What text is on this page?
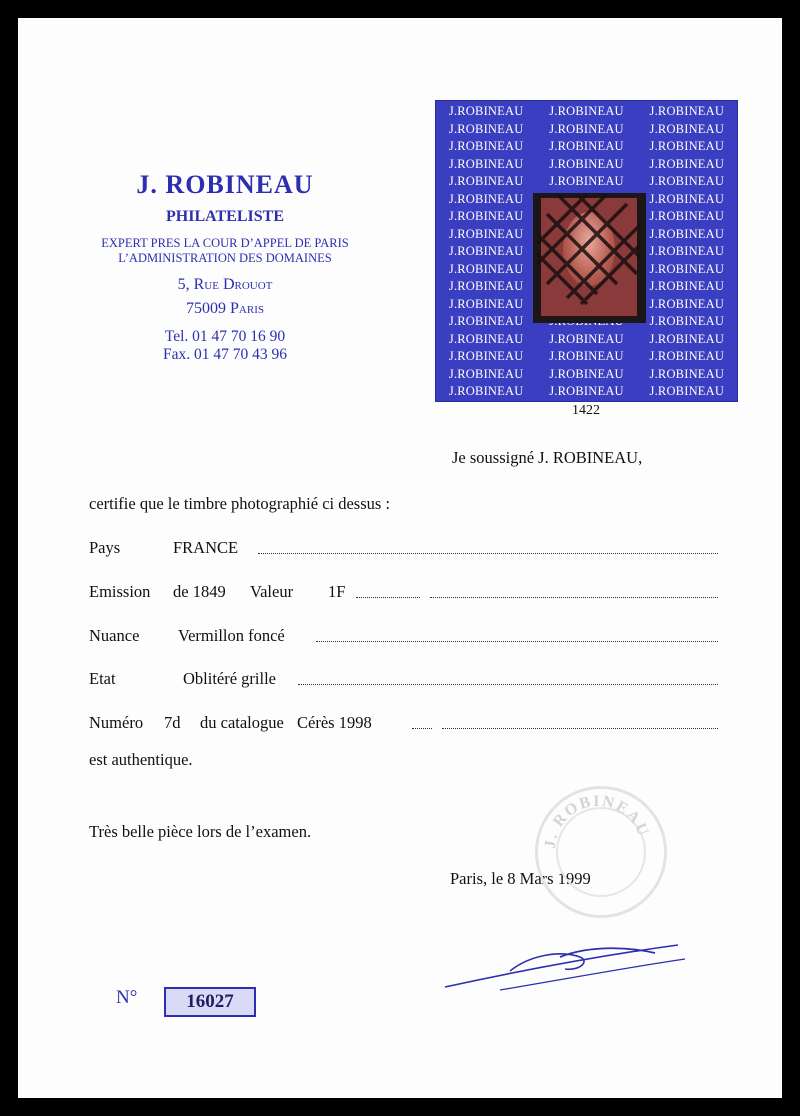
J. ROBINEAU
PHILATELISTE
EXPERT PRES LA COUR D’APPEL DE PARIS
L’ADMINISTRATION DES DOMAINES
5, Rue Drouot
75009 Paris
Tel. 01 47 70 16 90
Fax. 01 47 70 43 96
J.ROBINEAU J.ROBINEAU J.ROBINEAU
J.ROBINEAU J.ROBINEAU J.ROBINEAU
J.ROBINEAU J.ROBINEAU J.ROBINEAU
J.ROBINEAU J.ROBINEAU J.ROBINEAU
J.ROBINEAU J.ROBINEAU J.ROBINEAU
J.ROBINEAU	J.ROBINEAU
J.ROBINEAU	J.ROBINEAU
J.ROBINEAU	J.ROBINEAU
J.ROBINEAU	J.ROBINEAU
J.ROBINEAU	J.ROBINEAU
J.ROBINEAU	J.ROBINEAU
J.ROBINEAU	J.ROBINEAU
J.ROBINEAU	J.ROBINEAU
J.ROBINEAU J.ROBINEAU J.ROBINEAU
J.ROBINEAU J.ROBINEAU J.ROBINEAU
J.ROBINEAU J.ROBINEAU J.ROBINEAU
J.ROBINEAU J.ROBINEAU J.ROBINEAU
1422
Je soussigné J. ROBINEAU,
certifie que le timbre photographié ci dessus :
Pays	FRANCE
Emission de 1849 Valeur 1F
Nuance Vermillon foncé
Etat	Oblitéré grille
Numéro 7d du catalogue Cérès 1998
est authentique.
Très belle pièce lors de l’examen.
Paris, le 8 Mars 1999
J. ROBINEAU
N°	16027
